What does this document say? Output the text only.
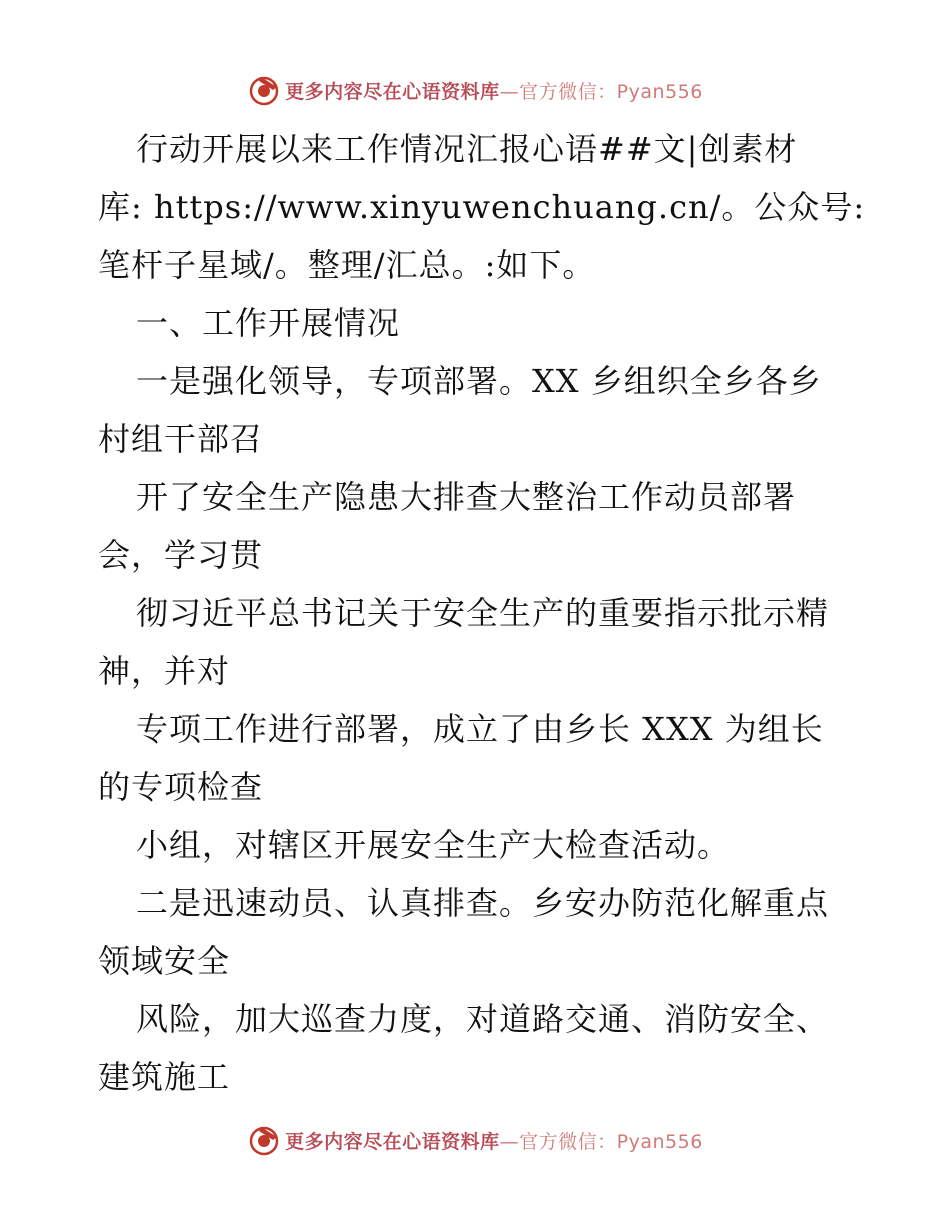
更多内容尽在心语资料库—官方微信：Pyan556
行动开展以来工作情况汇报心语##文|创素材
库: https://www.xinyuwenchuang.cn/。公众号:
笔杆子星域/。整理/汇总。:如下。
一、工作开展情况
一是强化领导，专项部署。XX 乡组织全乡各乡
村组干部召
开了安全生产隐患大排查大整治工作动员部署
会，学习贯
彻习近平总书记关于安全生产的重要指示批示精
神，并对
专项工作进行部署，成立了由乡长 XXX 为组长
的专项检查
小组，对辖区开展安全生产大检查活动。
二是迅速动员、认真排查。乡安办防范化解重点
领域安全
风险，加大巡查力度，对道路交通、消防安全、
建筑施工
更多内容尽在心语资料库—官方微信：Pyan556
